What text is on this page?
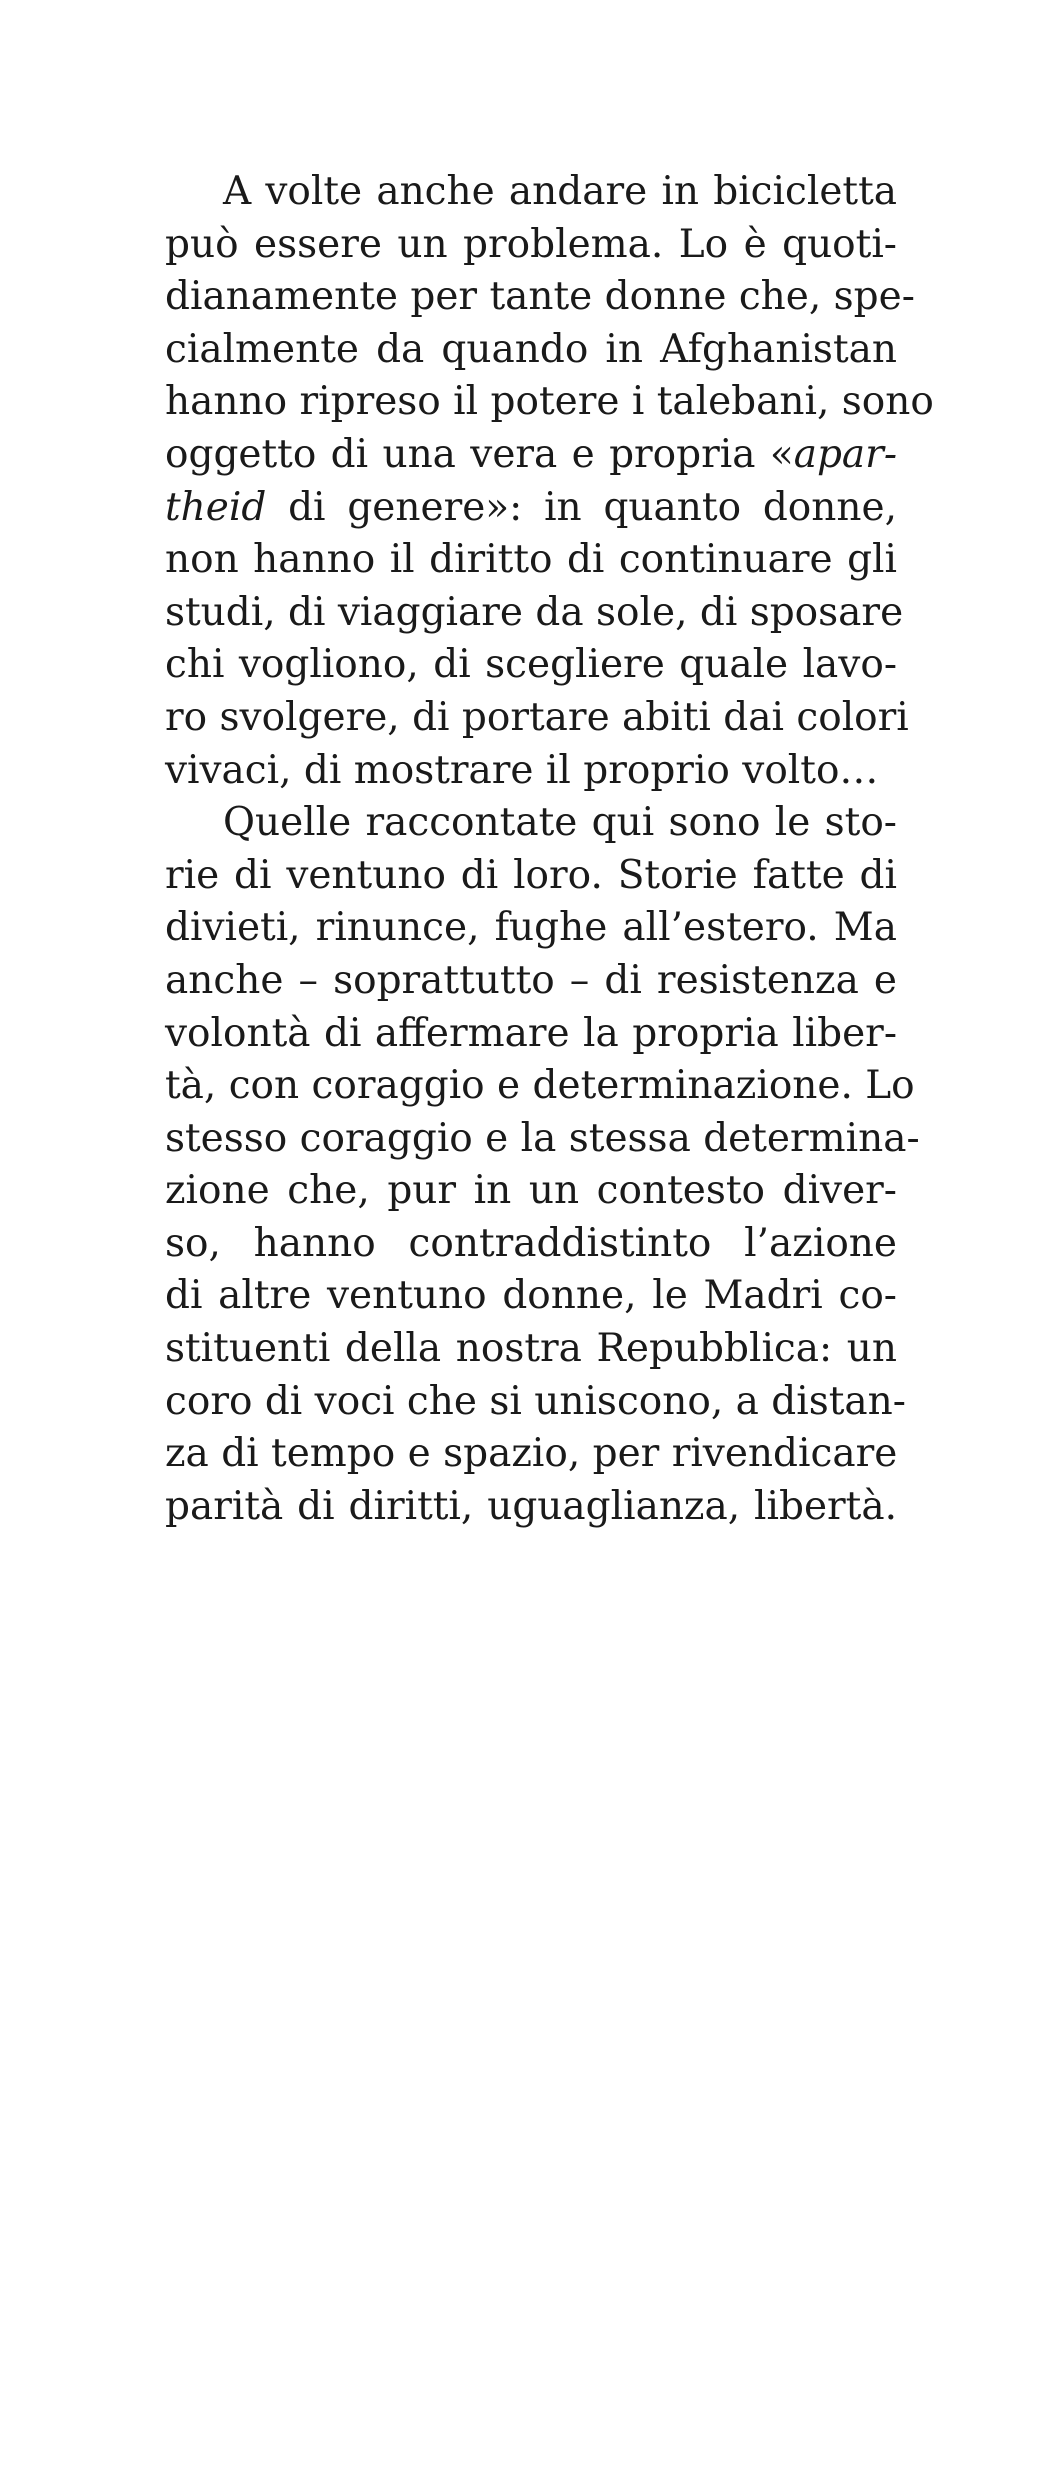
A volte anche andare in bicicletta
può essere un problema. Lo è quoti-
dianamente per tante donne che, spe-
cialmente da quando in Afghanistan
hanno ripreso il potere i talebani, sono
oggetto di una vera e propria «apar-
theid di genere»: in quanto donne,
non hanno il diritto di continuare gli
studi, di viaggiare da sole, di sposare
chi vogliono, di scegliere quale lavo-
ro svolgere, di portare abiti dai colori
vivaci, di mostrare il proprio volto…
Quelle raccontate qui sono le sto-
rie di ventuno di loro. Storie fatte di
divieti, rinunce, fughe all’estero. Ma
anche – soprattutto – di resistenza e
volontà di affermare la propria liber-
tà, con coraggio e determinazione. Lo
stesso coraggio e la stessa determina-
zione che, pur in un contesto diver-
so, hanno contraddistinto l’azione
di altre ventuno donne, le Madri co-
stituenti della nostra Repubblica: un
coro di voci che si uniscono, a distan-
za di tempo e spazio, per rivendicare
parità di diritti, uguaglianza, libertà.
